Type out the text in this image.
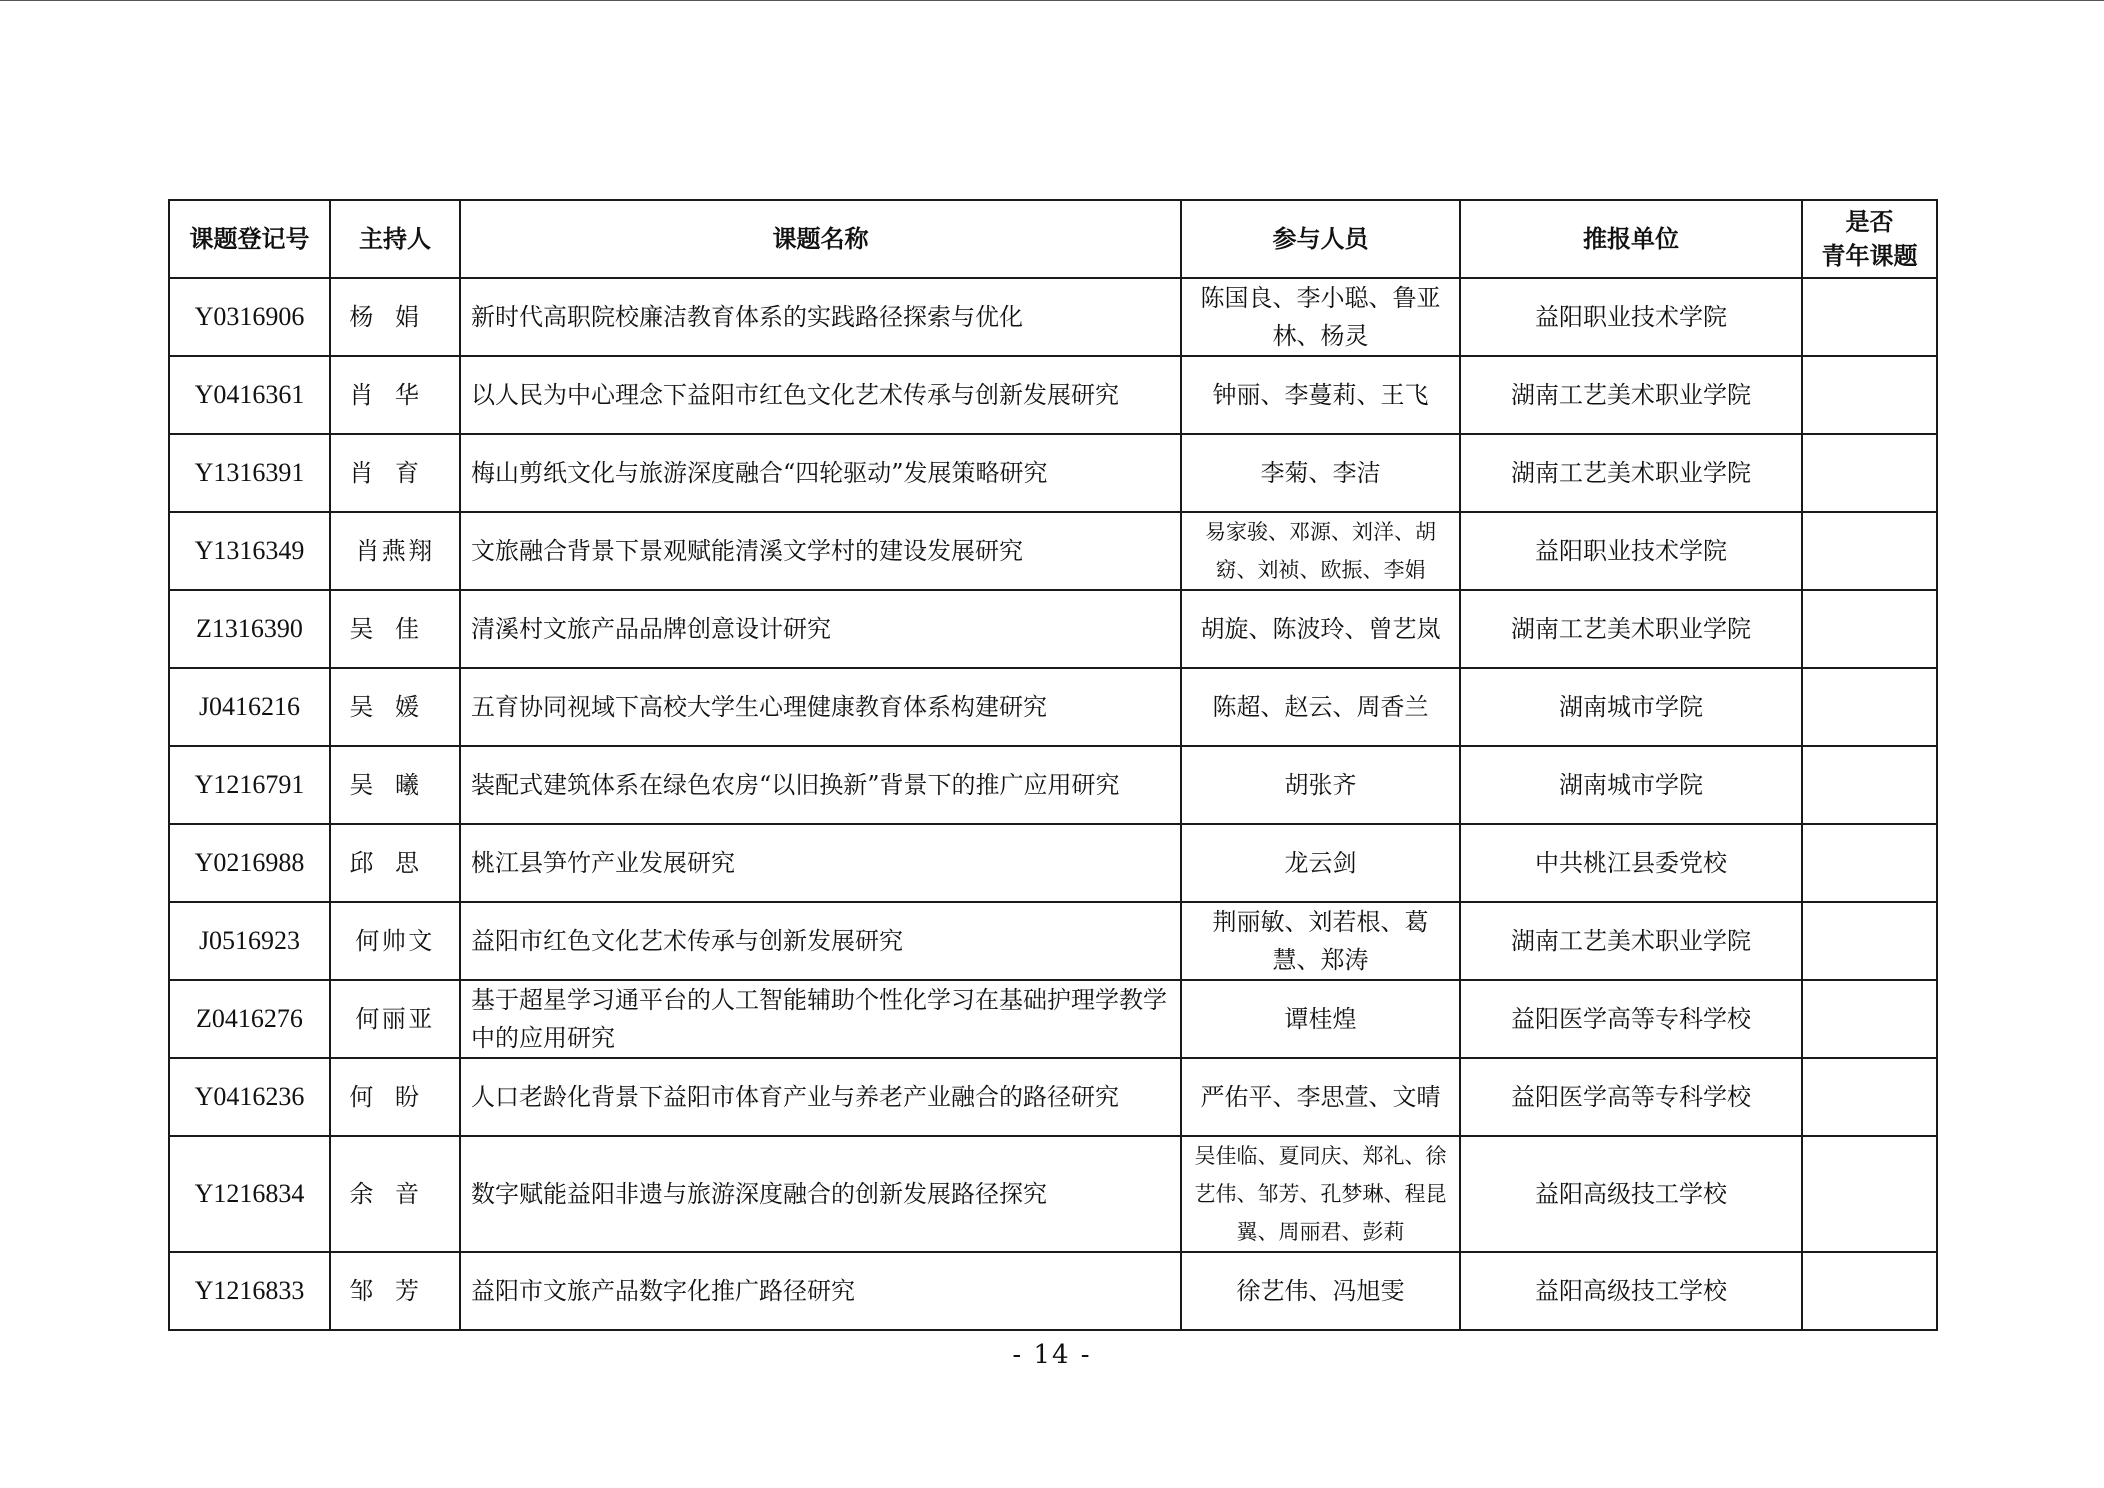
课题登记号	主持人	课题名称	参与人员	推报单位	是否
青年课题

Y0316906	杨娟	新时代高职院校廉洁教育体系的实践路径探索与优化	陈国良、李小聪、鲁亚林、杨灵	益阳职业技术学院	
Y0416361	肖华	以人民为中心理念下益阳市红色文化艺术传承与创新发展研究	钟丽、李蔓莉、王飞	湖南工艺美术职业学院	
Y1316391	肖育	梅山剪纸文化与旅游深度融合“四轮驱动”发展策略研究	李菊、李洁	湖南工艺美术职业学院	
Y1316349	肖燕翔	文旅融合背景下景观赋能清溪文学村的建设发展研究	易家骏、邓源、刘洋、胡窈、刘祯、欧振、李娟	益阳职业技术学院	
Z1316390	吴佳	清溪村文旅产品品牌创意设计研究	胡旋、陈波玲、曾艺岚	湖南工艺美术职业学院	
J0416216	吴媛	五育协同视域下高校大学生心理健康教育体系构建研究	陈超、赵云、周香兰	湖南城市学院	
Y1216791	吴曦	装配式建筑体系在绿色农房“以旧换新”背景下的推广应用研究	胡张齐	湖南城市学院	
Y0216988	邱思	桃江县笋竹产业发展研究	龙云剑	中共桃江县委党校	
J0516923	何帅文	益阳市红色文化艺术传承与创新发展研究	荆丽敏、刘若根、葛慧、郑涛	湖南工艺美术职业学院	
Z0416276	何丽亚	基于超星学习通平台的人工智能辅助个性化学习在基础护理学教学中的应用研究	谭桂煌	益阳医学高等专科学校	
Y0416236	何盼	人口老龄化背景下益阳市体育产业与养老产业融合的路径研究	严佑平、李思萱、文晴	益阳医学高等专科学校	
Y1216834	余音	数字赋能益阳非遗与旅游深度融合的创新发展路径探究	吴佳临、夏同庆、郑礼、徐艺伟、邹芳、孔梦琳、程昆翼、周丽君、彭莉	益阳高级技工学校	
Y1216833	邹芳	益阳市文旅产品数字化推广路径研究	徐艺伟、冯旭雯	益阳高级技工学校	
- 14 -
